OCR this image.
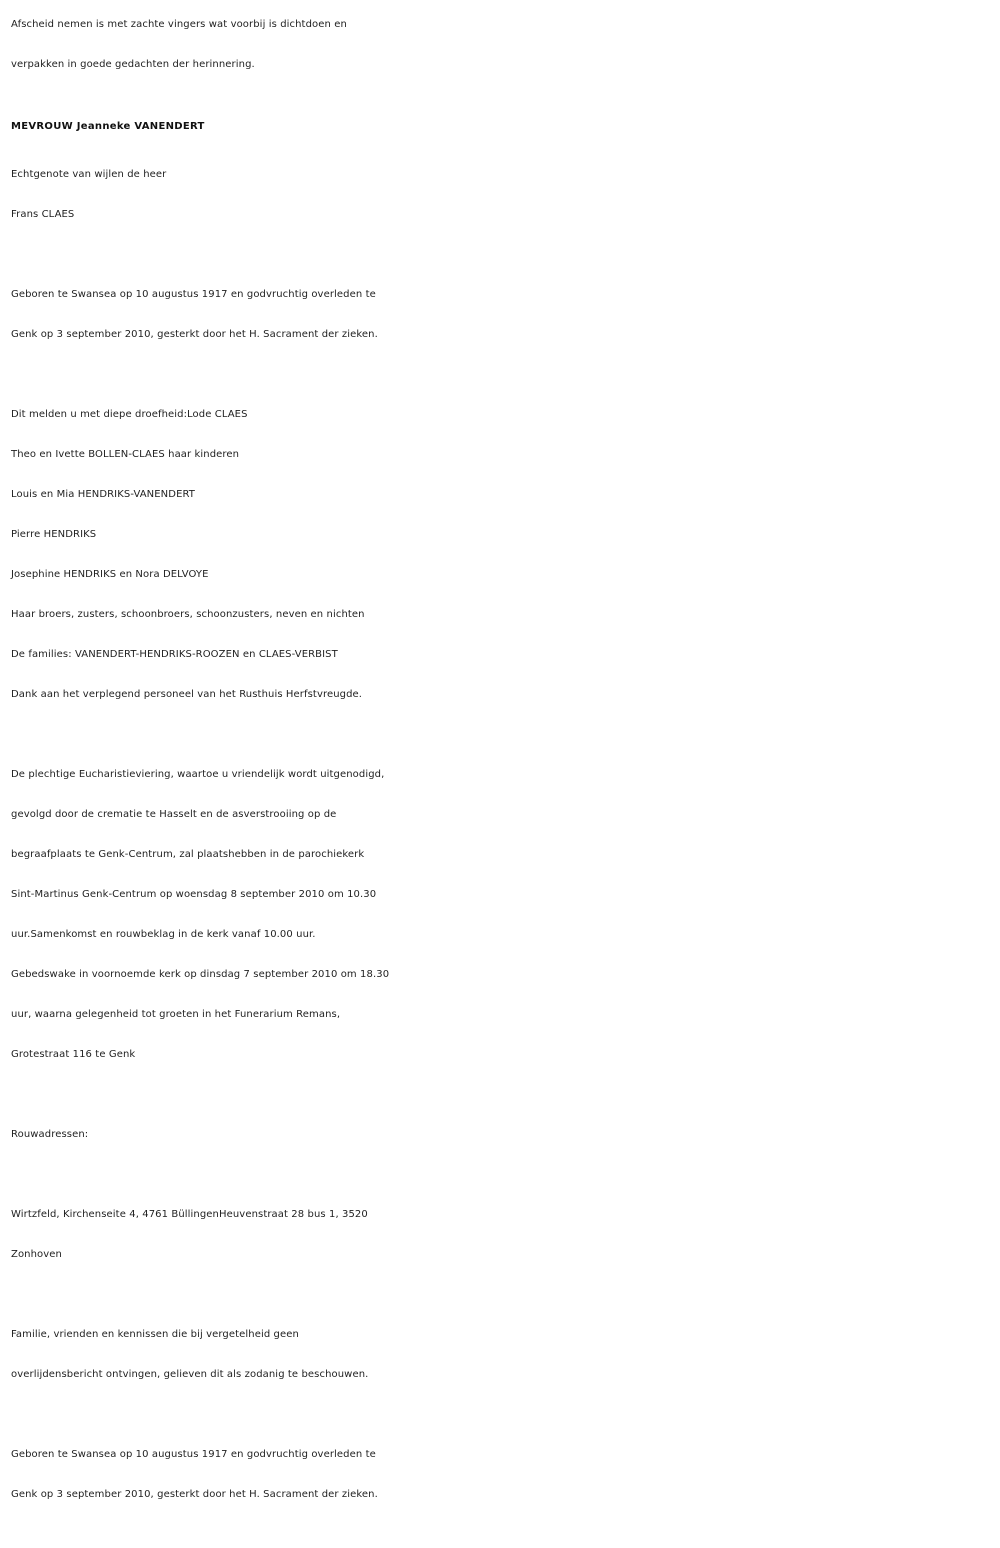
Afscheid nemen is met zachte vingers wat voorbij is dichtdoen en
verpakken in goede gedachten der herinnering.
MEVROUW Jeanneke VANENDERT
Echtgenote van wijlen de heer
Frans CLAES
Geboren te Swansea op 10 augustus 1917 en godvruchtig overleden te
Genk op 3 september 2010, gesterkt door het H. Sacrament der zieken.
Dit melden u met diepe droefheid:Lode CLAES
Theo en Ivette BOLLEN-CLAES haar kinderen
Louis en Mia HENDRIKS-VANENDERT
Pierre HENDRIKS
Josephine HENDRIKS en Nora DELVOYE
Haar broers, zusters, schoonbroers, schoonzusters, neven en nichten
De families: VANENDERT-HENDRIKS-ROOZEN en CLAES-VERBIST
Dank aan het verplegend personeel van het Rusthuis Herfstvreugde.
De plechtige Eucharistieviering, waartoe u vriendelijk wordt uitgenodigd,
gevolgd door de crematie te Hasselt en de asverstrooiing op de
begraafplaats te Genk-Centrum, zal plaatshebben in de parochiekerk
Sint-Martinus Genk-Centrum op woensdag 8 september 2010 om 10.30
uur.Samenkomst en rouwbeklag in de kerk vanaf 10.00 uur.
Gebedswake in voornoemde kerk op dinsdag 7 september 2010 om 18.30
uur, waarna gelegenheid tot groeten in het Funerarium Remans,
Grotestraat 116 te Genk
Rouwadressen:
Wirtzfeld, Kirchenseite 4, 4761 BüllingenHeuvenstraat 28 bus 1, 3520
Zonhoven
Familie, vrienden en kennissen die bij vergetelheid geen
overlijdensbericht ontvingen, gelieven dit als zodanig te beschouwen.
Geboren te Swansea op 10 augustus 1917 en godvruchtig overleden te
Genk op 3 september 2010, gesterkt door het H. Sacrament der zieken.
